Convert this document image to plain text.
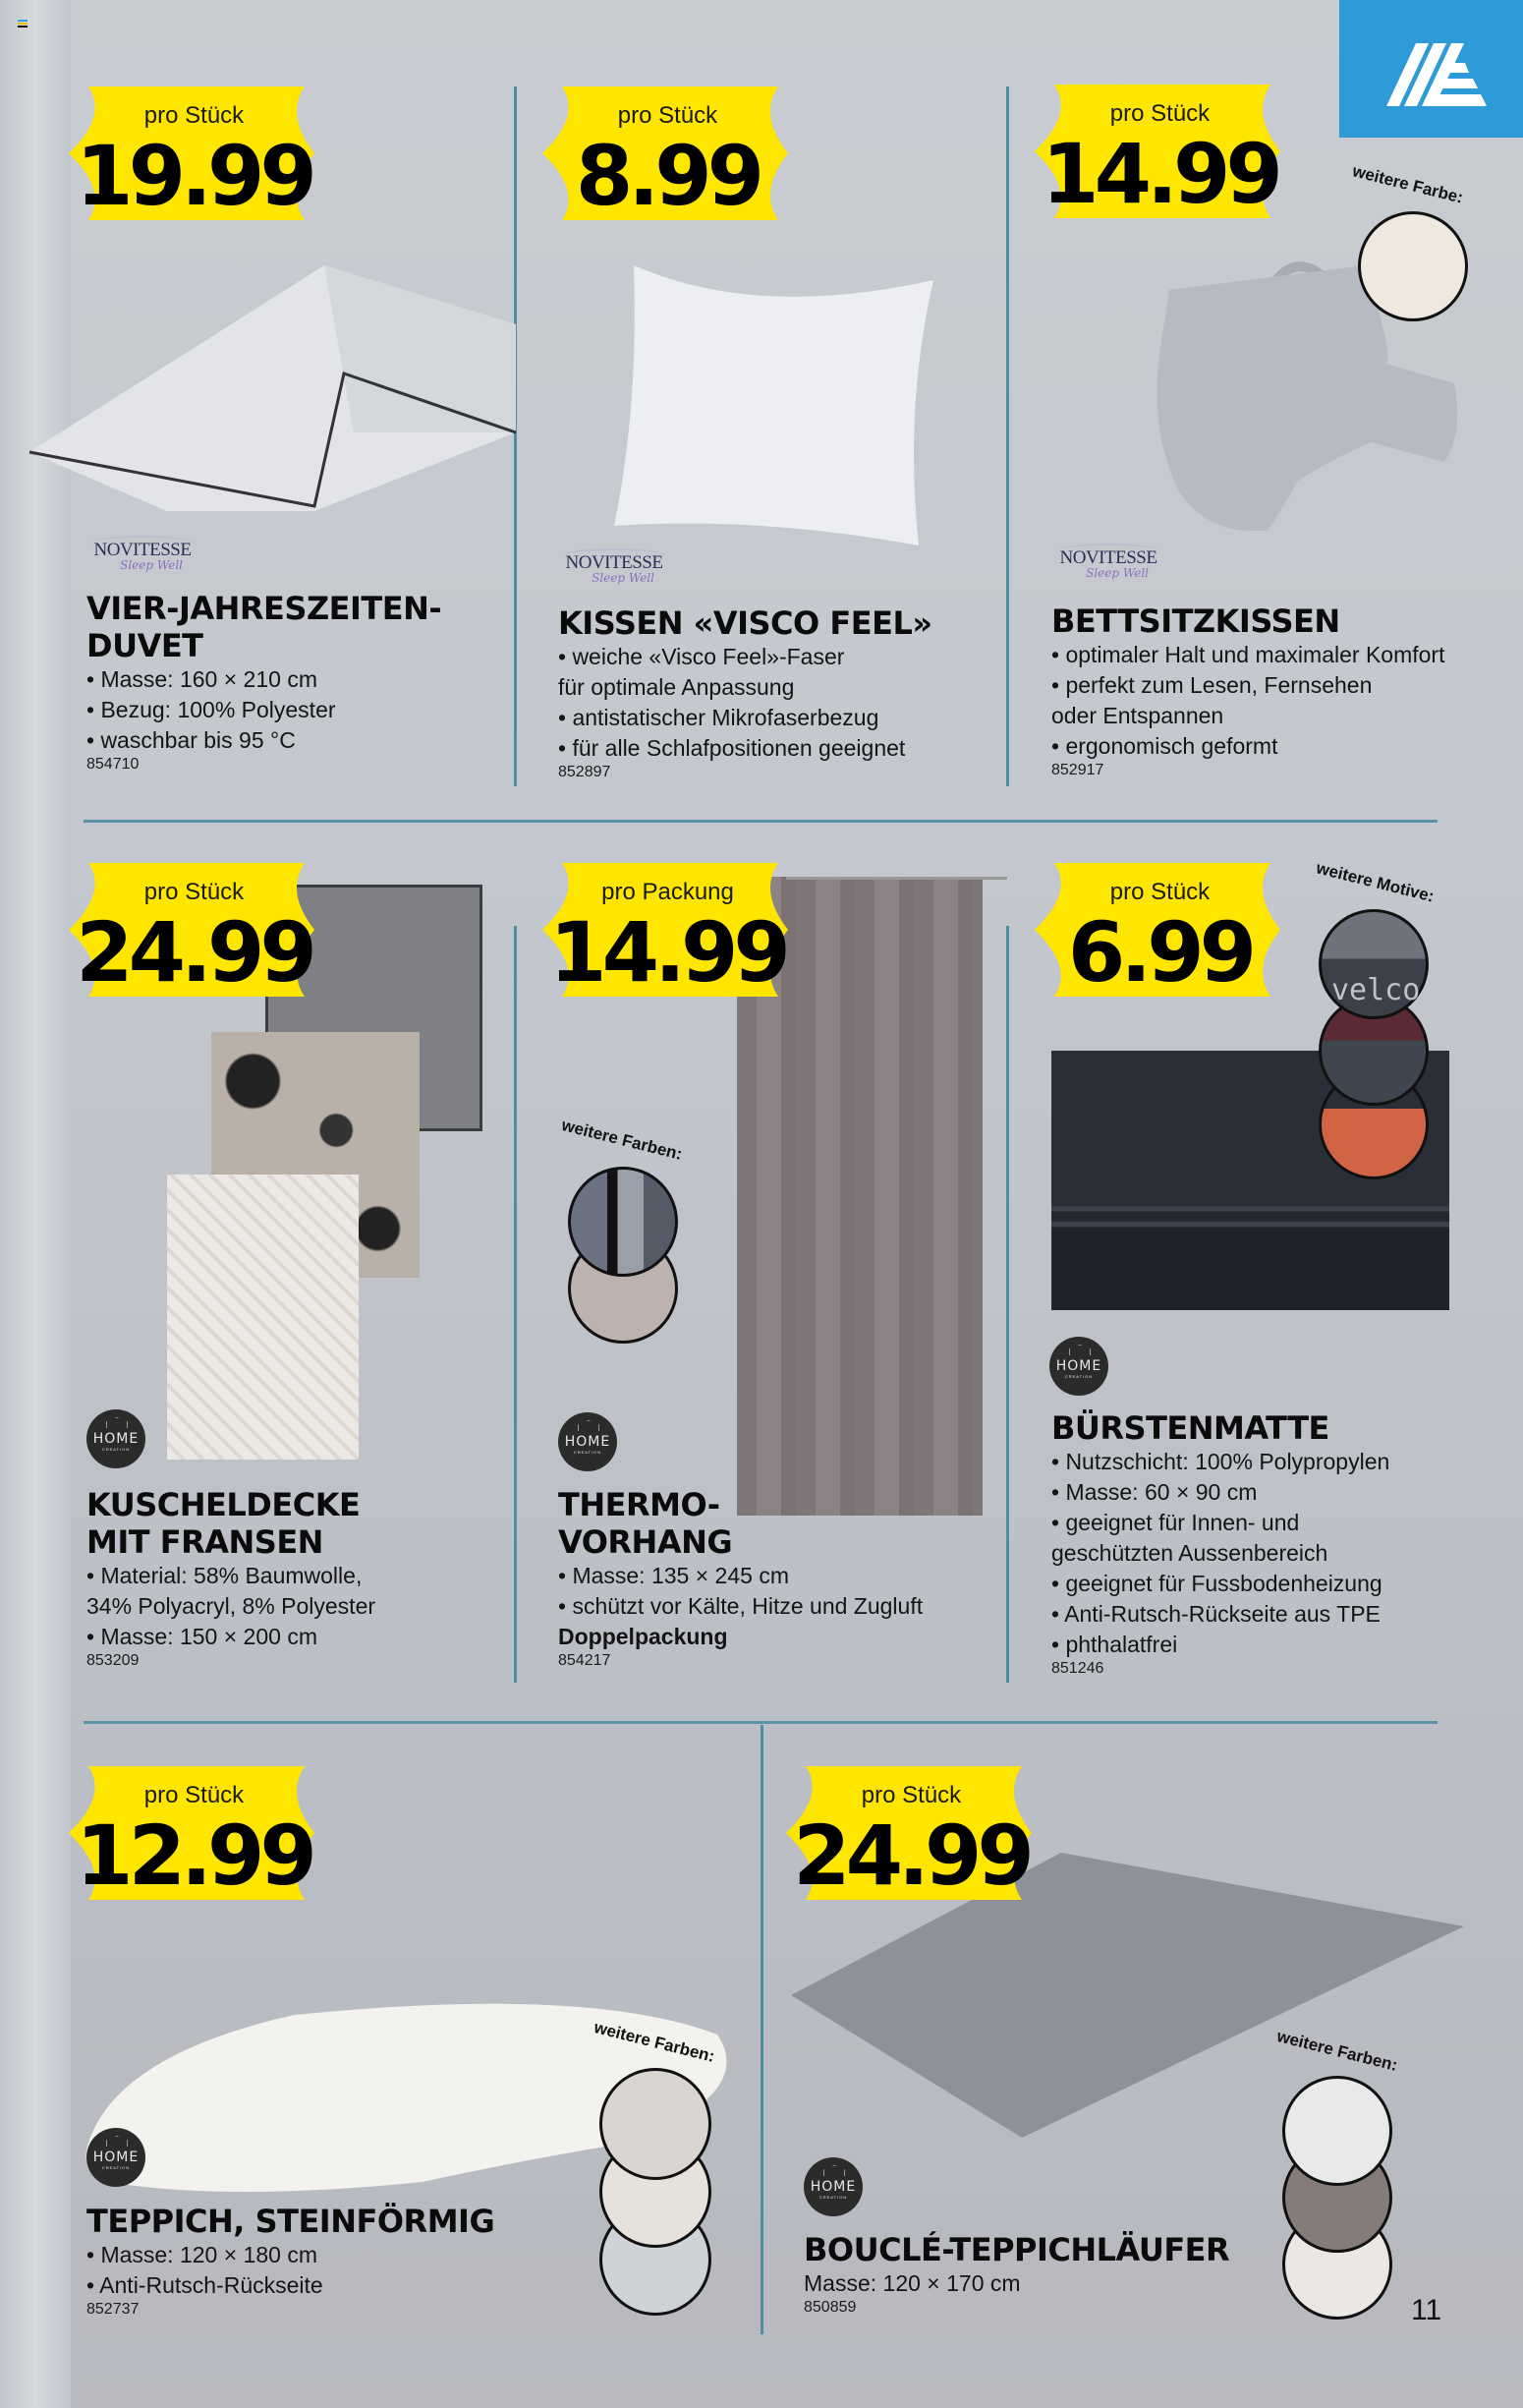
weitere Farbe:
weitere Farben:
velco
weitere Motive:
weitere Farben:	weitere Farben:
pro Stück
19.99
pro Stück
8.99
pro Stück
14.99
pro Stück
24.99
pro Packung
14.99
pro Stück
6.99
pro Stück
12.99
pro Stück
24.99
NOVITESSE
Sleep Well	NOVITESSE
Sleep Well
NOVITESSE
Sleep Well
HOME
CREATION	HOME
CREATION
HOME
CREATION
HOME
CREATION
HOME
CREATION
VIER-JAHRESZEITEN-
DUVET
• Masse: 160 × 210 cm
• Bezug: 100% Polyester
• waschbar bis 95 °C
854710
KISSEN «VISCO FEEL»
• weiche «Visco Feel»-Faser
für optimale Anpassung
• antistatischer Mikrofaserbezug
• für alle Schlafpositionen geeignet
852897
BETTSITZKISSEN
• optimaler Halt und maximaler Komfort
• perfekt zum Lesen, Fernsehen
oder Entspannen
• ergonomisch geformt
852917
KUSCHELDECKE
MIT FRANSEN
• Material: 58% Baumwolle,
34% Polyacryl, 8% Polyester
• Masse: 150 × 200 cm
853209
THERMO-
VORHANG
• Masse: 135 × 245 cm
• schützt vor Kälte, Hitze und Zugluft
Doppelpackung
854217
BÜRSTENMATTE
• Nutzschicht: 100% Polypropylen
• Masse: 60 × 90 cm
• geeignet für Innen- und
geschützten Aussenbereich
• geeignet für Fussbodenheizung
• Anti-Rutsch-Rückseite aus TPE
• phthalatfrei
851246
TEPPICH, STEINFÖRMIG
• Masse: 120 × 180 cm
• Anti-Rutsch-Rückseite
852737
BOUCLÉ-TEPPICHLÄUFER
Masse: 120 × 170 cm
850859	11
